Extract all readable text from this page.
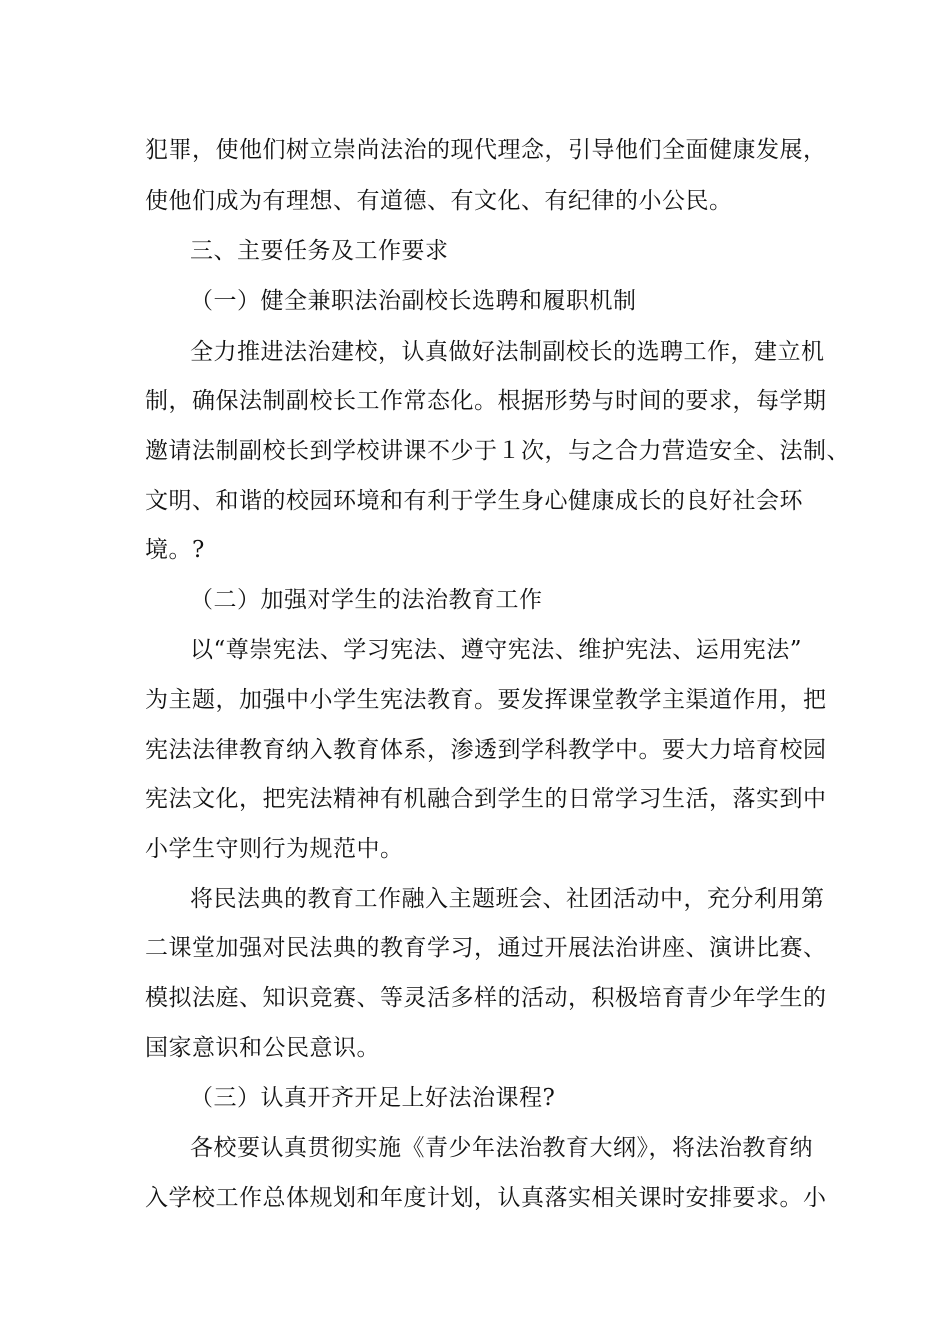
犯罪，使他们树立崇尚法治的现代理念，引导他们全面健康发展，
使他们成为有理想、有道德、有文化、有纪律的小公民。
三、主要任务及工作要求
（一）健全兼职法治副校长选聘和履职机制
全力推进法治建校，认真做好法制副校长的选聘工作，建立机
制，确保法制副校长工作常态化。根据形势与时间的要求，每学期
邀请法制副校长到学校讲课不少于１次，与之合力营造安全、法制、
文明、和谐的校园环境和有利于学生身心健康成长的良好社会环
境。?
（二）加强对学生的法治教育工作
以“尊崇宪法、学习宪法、遵守宪法、维护宪法、运用宪法”
为主题，加强中小学生宪法教育。要发挥课堂教学主渠道作用，把
宪法法律教育纳入教育体系，渗透到学科教学中。要大力培育校园
宪法文化，把宪法精神有机融合到学生的日常学习生活，落实到中
小学生守则行为规范中。
将民法典的教育工作融入主题班会、社团活动中，充分利用第
二课堂加强对民法典的教育学习，通过开展法治讲座、演讲比赛、
模拟法庭、知识竞赛、等灵活多样的活动，积极培育青少年学生的
国家意识和公民意识。
（三）认真开齐开足上好法治课程?
各校要认真贯彻实施《青少年法治教育大纲》，将法治教育纳
入学校工作总体规划和年度计划，认真落实相关课时安排要求。小
